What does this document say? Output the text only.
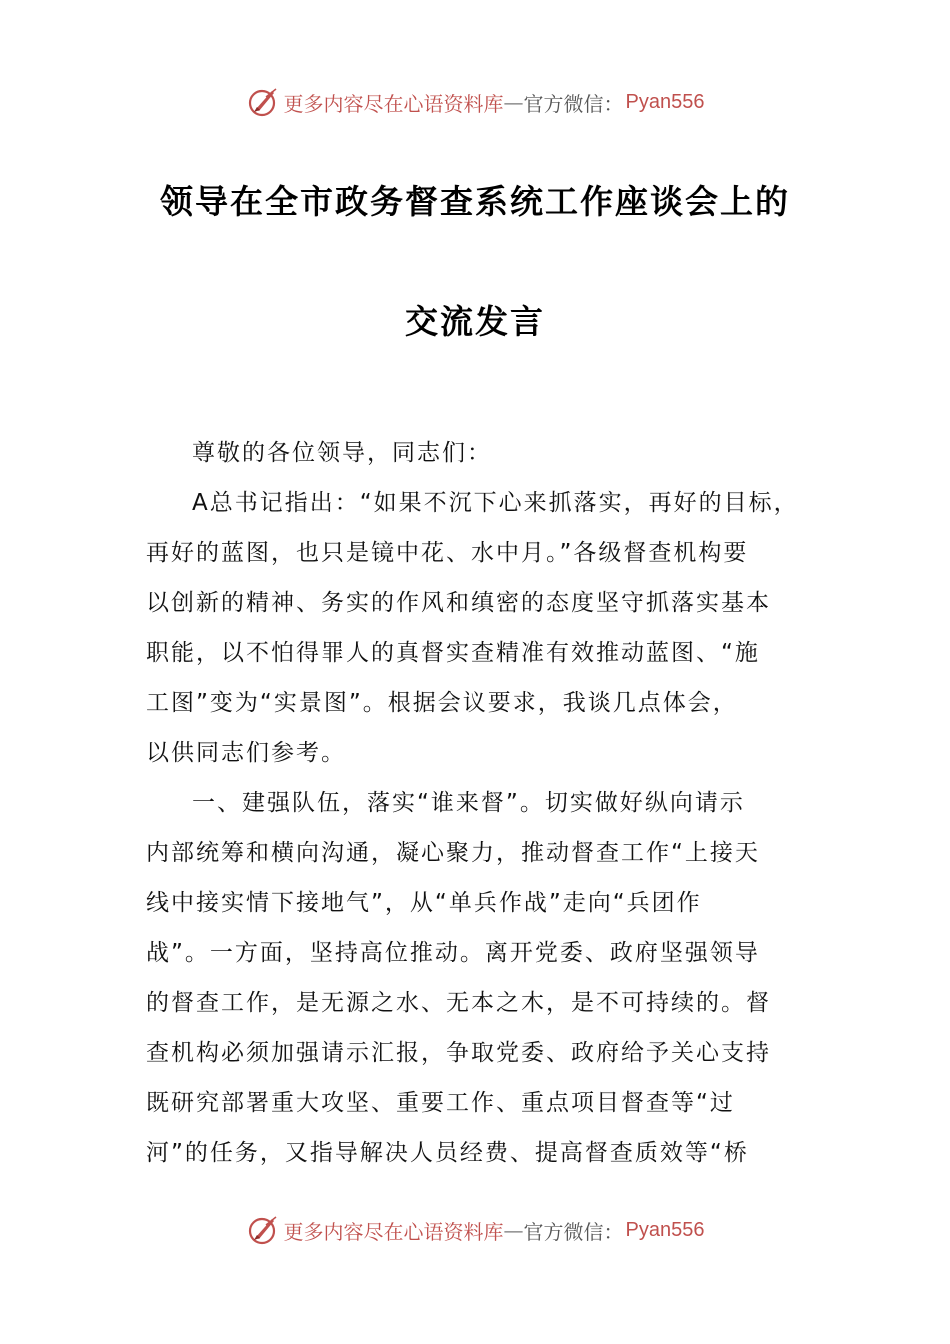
更多内容尽在心语资料库 — 官方微信： Pyan556
领导在全市政务督查系统工作座谈会上的
交流发言

尊敬的各位领导，同志们：

A总书记指出：“如果不沉下心来抓落实，再好的目标，

再好的蓝图，也只是镜中花、水中月。”各级督查机构要

以创新的精神、务实的作风和缜密的态度坚守抓落实基本

职能，以不怕得罪人的真督实查精准有效推动蓝图、“施

工图”变为“实景图”。根据会议要求，我谈几点体会，

以供同志们参考。

一、建强队伍，落实“谁来督”。切实做好纵向请示

内部统筹和横向沟通，凝心聚力，推动督查工作“上接天

线中接实情下接地气”，从“单兵作战”走向“兵团作

战”。一方面，坚持高位推动。离开党委、政府坚强领导

的督查工作，是无源之水、无本之木，是不可持续的。督

查机构必须加强请示汇报，争取党委、政府给予关心支持

既研究部署重大攻坚、重要工作、重点项目督查等“过

河”的任务，又指导解决人员经费、提高督查质效等“桥

更多内容尽在心语资料库 — 官方微信： Pyan556
